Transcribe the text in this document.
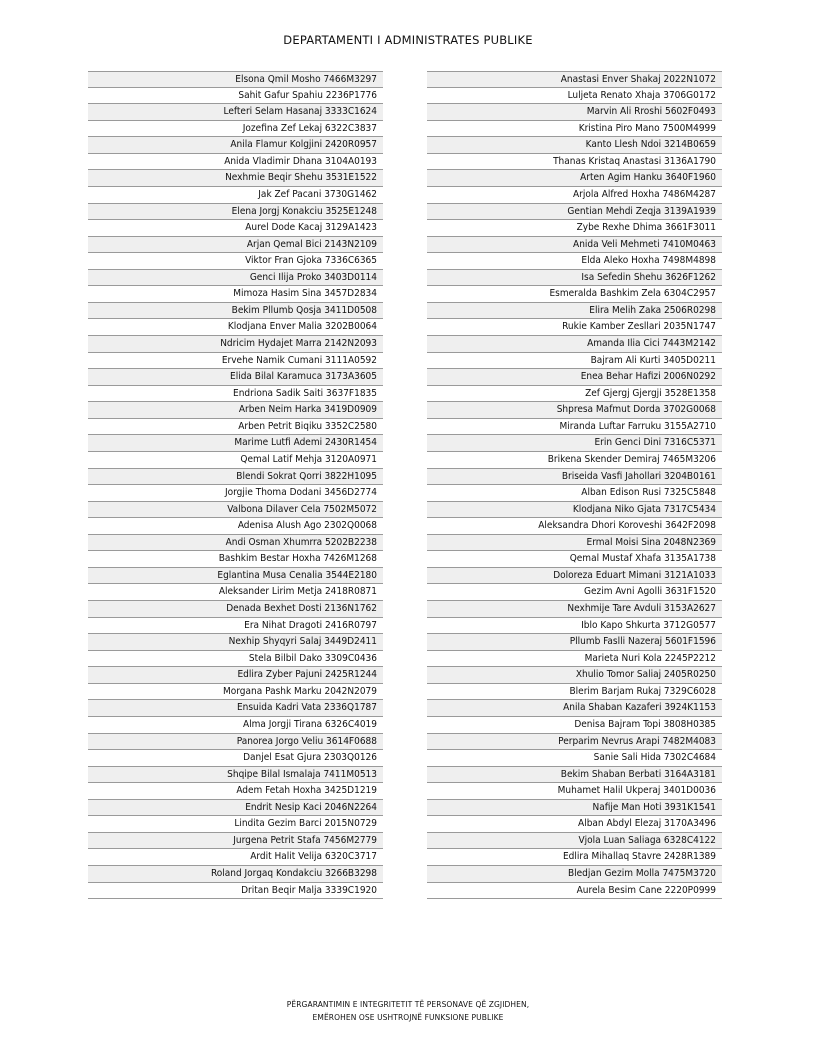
DEPARTAMENTI I ADMINISTRATES PUBLIKE
Elsona Qmil Mosho 7466M3297
Sahit Gafur Spahiu 2236P1776
Lefteri Selam Hasanaj 3333C1624
Jozefina Zef Lekaj 6322C3837
Anila Flamur Kolgjini 2420R0957
Anida Vladimir Dhana 3104A0193
Nexhmie Beqir Shehu 3531E1522
Jak Zef Pacani 3730G1462
Elena Jorgj Konakciu 3525E1248
Aurel Dode Kacaj 3129A1423
Arjan Qemal Bici 2143N2109
Viktor Fran Gjoka 7336C6365
Genci Ilija Proko 3403D0114
Mimoza Hasim Sina 3457D2834
Bekim Pllumb Qosja 3411D0508
Klodjana Enver Malia 3202B0064
Ndricim Hydajet Marra 2142N2093
Ervehe Namik Cumani 3111A0592
Elida Bilal Karamuca 3173A3605
Endriona Sadik Saiti 3637F1835
Arben Neim Harka 3419D0909
Arben Petrit Biqiku 3352C2580
Marime Lutfi Ademi 2430R1454
Qemal Latif Mehja 3120A0971
Blendi Sokrat Qorri 3822H1095
Jorgjie Thoma Dodani 3456D2774
Valbona Dilaver Cela 7502M5072
Adenisa Alush Ago 2302Q0068
Andi Osman Xhumrra 5202B2238
Bashkim Bestar Hoxha 7426M1268
Eglantina Musa Cenalia 3544E2180
Aleksander Lirim Metja 2418R0871
Denada Bexhet Dosti 2136N1762
Era Nihat Dragoti 2416R0797
Nexhip Shyqyri Salaj 3449D2411
Stela Bilbil Dako 3309C0436
Edlira Zyber Pajuni 2425R1244
Morgana Pashk Marku 2042N2079
Ensuida Kadri Vata 2336Q1787
Alma Jorgji Tirana 6326C4019
Panorea Jorgo Veliu 3614F0688
Danjel Esat Gjura 2303Q0126
Shqipe Bilal Ismalaja 7411M0513
Adem Fetah Hoxha 3425D1219
Endrit Nesip Kaci 2046N2264
Lindita Gezim Barci 2015N0729
Jurgena Petrit Stafa 7456M2779
Ardit Halit Velija 6320C3717
Roland Jorgaq Kondakciu 3266B3298
Dritan Beqir Malja 3339C1920
Anastasi Enver Shakaj 2022N1072
Luljeta Renato Xhaja 3706G0172
Marvin Ali Rroshi 5602F0493
Kristina Piro Mano 7500M4999
Kanto Llesh Ndoi 3214B0659
Thanas Kristaq Anastasi 3136A1790
Arten Agim Hanku 3640F1960
Arjola Alfred Hoxha 7486M4287
Gentian Mehdi Zeqja 3139A1939
Zybe Rexhe Dhima 3661F3011
Anida Veli Mehmeti 7410M0463
Elda Aleko Hoxha 7498M4898
Isa Sefedin Shehu 3626F1262
Esmeralda Bashkim Zela 6304C2957
Elira Melih Zaka 2506R0298
Rukie Kamber Zesllari 2035N1747
Amanda Ilia Cici 7443M2142
Bajram Ali Kurti 3405D0211
Enea Behar Hafizi 2006N0292
Zef Gjergj Gjergji 3528E1358
Shpresa Mafmut Dorda 3702G0068
Miranda Luftar Farruku 3155A2710
Erin Genci Dini 7316C5371
Brikena Skender Demiraj 7465M3206
Briseida Vasfi Jahollari 3204B0161
Alban Edison Rusi 7325C5848
Klodjana Niko Gjata 7317C5434
Aleksandra Dhori Koroveshi 3642F2098
Ermal Moisi Sina 2048N2369
Qemal Mustaf Xhafa 3135A1738
Doloreza Eduart Mimani 3121A1033
Gezim Avni Agolli 3631F1520
Nexhmije Tare Avduli 3153A2627
Iblo Kapo Shkurta 3712G0577
Pllumb Faslli Nazeraj 5601F1596
Marieta Nuri Kola 2245P2212
Xhulio Tomor Saliaj 2405R0250
Blerim Barjam Rukaj 7329C6028
Anila Shaban Kazaferi 3924K1153
Denisa Bajram Topi 3808H0385
Perparim Nevrus Arapi 7482M4083
Sanie Sali Hida 7302C4684
Bekim Shaban Berbati 3164A3181
Muhamet Halil Ukperaj 3401D0036
Nafije Man Hoti 3931K1541
Alban Abdyl Elezaj 3170A3496
Vjola Luan Saliaga 6328C4122
Edlira Mihallaq Stavre 2428R1389
Bledjan Gezim Molla 7475M3720
Aurela Besim Cane 2220P0999
PËRGARANTIMIN E INTEGRITETIT TË PERSONAVE QË ZGJIDHEN,
EMËROHEN OSE USHTROJNË FUNKSIONE PUBLIKE
